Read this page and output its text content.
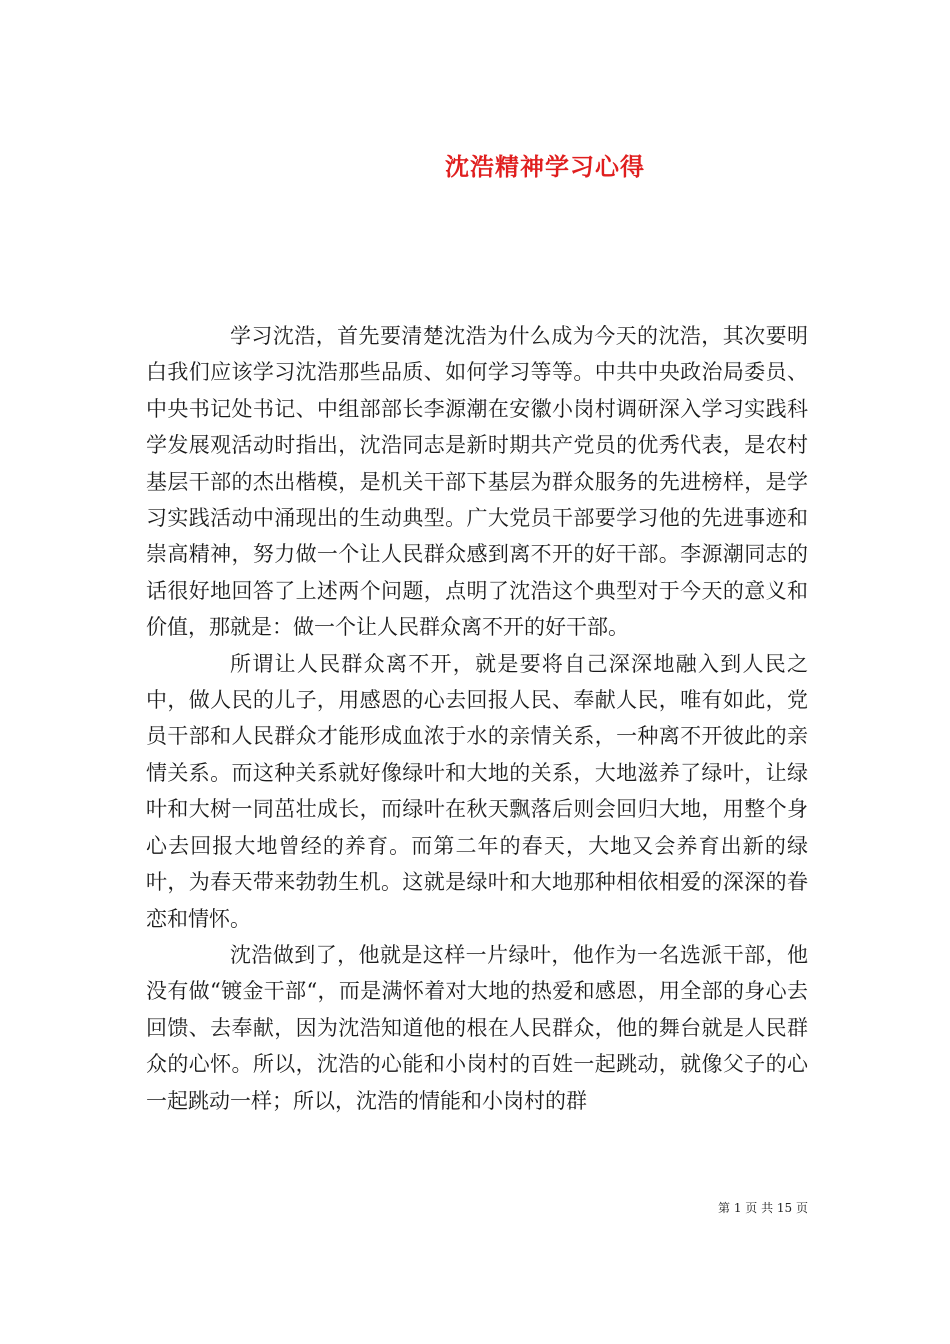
沈浩精神学习心得

学习沈浩，首先要清楚沈浩为什么成为今天的沈浩，其次要明白我们应该学习沈浩那些品质、如何学习等等。中共中央政治局委员、中央书记处书记、中组部部长李源潮在安徽小岗村调研深入学习实践科学发展观活动时指出，沈浩同志是新时期共产党员的优秀代表，是农村基层干部的杰出楷模，是机关干部下基层为群众服务的先进榜样，是学习实践活动中涌现出的生动典型。广大党员干部要学习他的先进事迹和崇高精神，努力做一个让人民群众感到离不开的好干部。李源潮同志的话很好地回答了上述两个问题，点明了沈浩这个典型对于今天的意义和价值，那就是：做一个让人民群众离不开的好干部。

所谓让人民群众离不开，就是要将自己深深地融入到人民之中，做人民的儿子，用感恩的心去回报人民、奉献人民，唯有如此，党员干部和人民群众才能形成血浓于水的亲情关系，一种离不开彼此的亲情关系。而这种关系就好像绿叶和大地的关系，大地滋养了绿叶，让绿叶和大树一同茁壮成长，而绿叶在秋天飘落后则会回归大地，用整个身心去回报大地曾经的养育。而第二年的春天，大地又会养育出新的绿叶，为春天带来勃勃生机。这就是绿叶和大地那种相依相爱的深深的眷恋和情怀。

沈浩做到了，他就是这样一片绿叶，他作为一名选派干部，他没有做“镀金干部“，而是满怀着对大地的热爱和感恩，用全部的身心去回馈、去奉献，因为沈浩知道他的根在人民群众，他的舞台就是人民群众的心怀。所以，沈浩的心能和小岗村的百姓一起跳动，就像父子的心一起跳动一样；所以，沈浩的情能和小岗村的群

第 1 页 共 15 页
